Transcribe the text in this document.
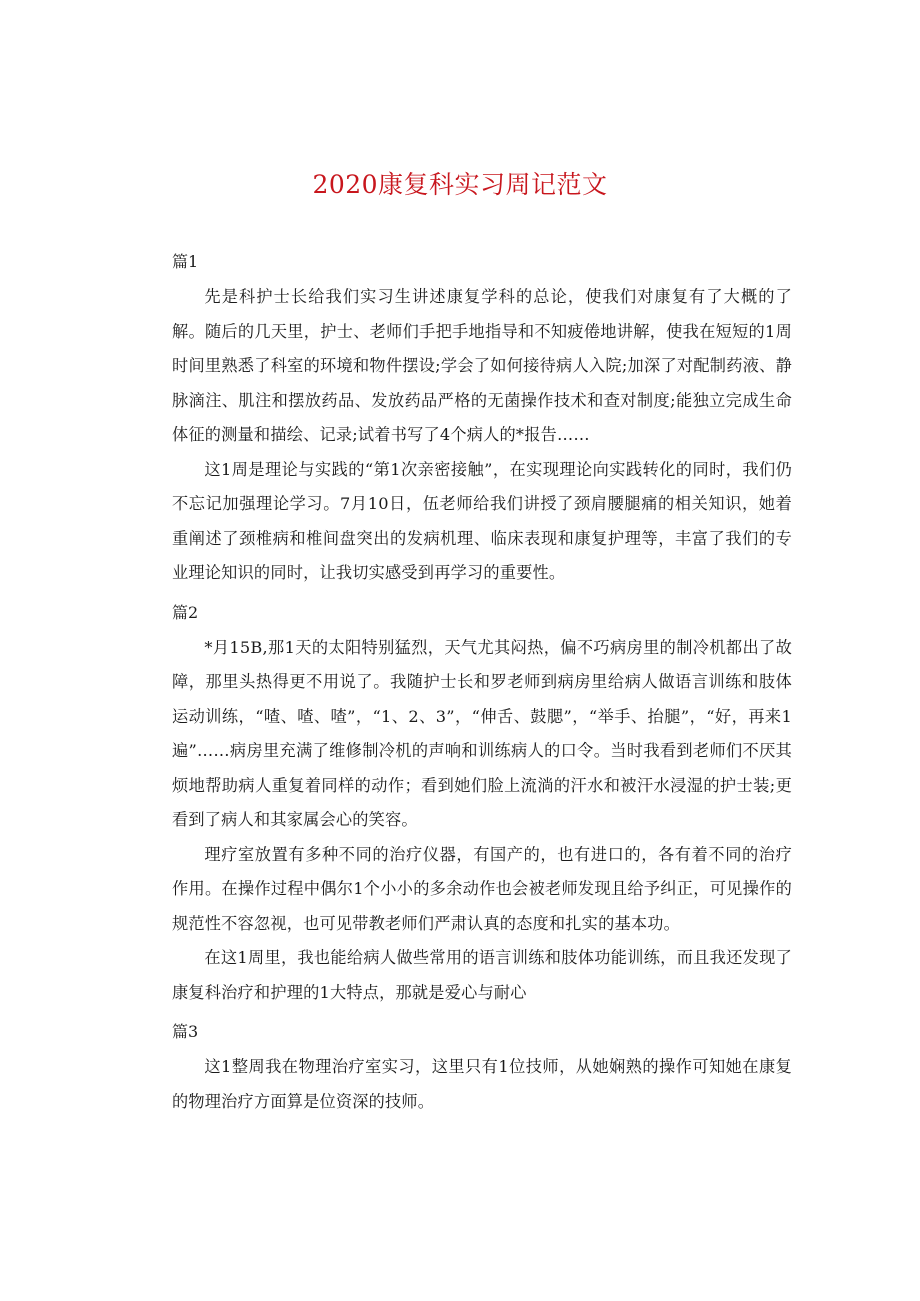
2020康复科实习周记范文

篇1

先是科护士长给我们实习生讲述康复学科的总论，使我们对康复有了大概的了解。随后的几天里，护士、老师们手把手地指导和不知疲倦地讲解，使我在短短的1周时间里熟悉了科室的环境和物件摆设;学会了如何接待病人入院;加深了对配制药液、静脉滴注、肌注和摆放药品、发放药品严格的无菌操作技术和查对制度;能独立完成生命体征的测量和描绘、记录;试着书写了4个病人的*报告……

这1周是理论与实践的“第1次亲密接触”，在实现理论向实践转化的同时，我们仍不忘记加强理论学习。7月10日，伍老师给我们讲授了颈肩腰腿痛的相关知识，她着重阐述了颈椎病和椎间盘突出的发病机理、临床表现和康复护理等，丰富了我们的专业理论知识的同时，让我切实感受到再学习的重要性。

篇2

*月15B,那1天的太阳特别猛烈，天气尤其闷热，偏不巧病房里的制冷机都出了故障，那里头热得更不用说了。我随护士长和罗老师到病房里给病人做语言训练和肢体运动训练，“喳、喳、喳”，“1、2、3”，“伸舌、鼓腮”，“举手、抬腿”，“好，再来1遍”……病房里充满了维修制冷机的声响和训练病人的口令。当时我看到老师们不厌其烦地帮助病人重复着同样的动作；看到她们脸上流淌的汗水和被汗水浸湿的护士装;更看到了病人和其家属会心的笑容。

理疗室放置有多种不同的治疗仪器，有国产的，也有进口的，各有着不同的治疗作用。在操作过程中偶尔1个小小的多余动作也会被老师发现且给予纠正，可见操作的规范性不容忽视，也可见带教老师们严肃认真的态度和扎实的基本功。

在这1周里，我也能给病人做些常用的语言训练和肢体功能训练，而且我还发现了康复科治疗和护理的1大特点，那就是爱心与耐心

篇3

这1整周我在物理治疗室实习，这里只有1位技师，从她娴熟的操作可知她在康复的物理治疗方面算是位资深的技师。
